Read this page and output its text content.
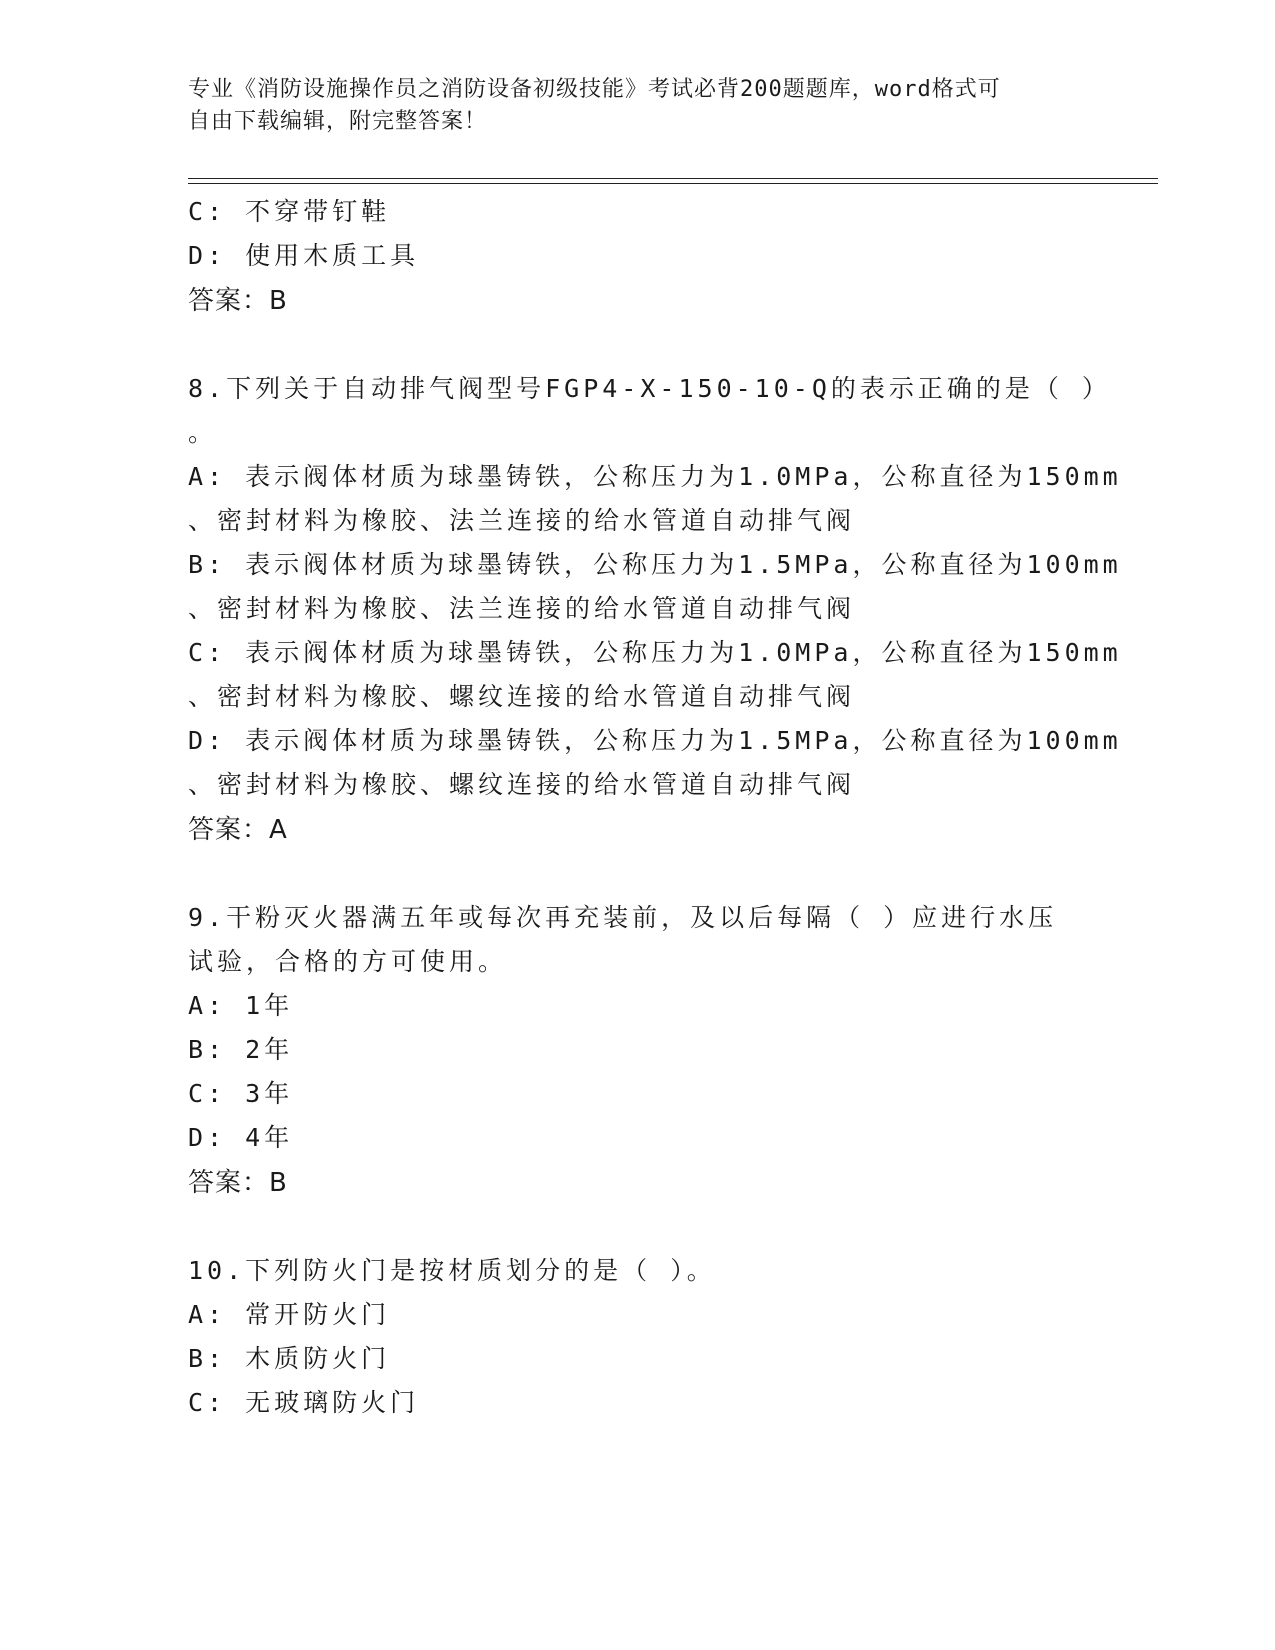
专业《消防设施操作员之消防设备初级技能》考试必背200题题库，word格式可
自由下载编辑，附完整答案！
C: 不穿带钉鞋
D: 使用木质工具
答案：B
8.下列关于自动排气阀型号FGP4-X-150-10-Q的表示正确的是（ ）
。
A: 表示阀体材质为球墨铸铁，公称压力为1.0MPa，公称直径为150mm
、密封材料为橡胶、法兰连接的给水管道自动排气阀
B: 表示阀体材质为球墨铸铁，公称压力为1.5MPa，公称直径为100mm
、密封材料为橡胶、法兰连接的给水管道自动排气阀
C: 表示阀体材质为球墨铸铁，公称压力为1.0MPa，公称直径为150mm
、密封材料为橡胶、螺纹连接的给水管道自动排气阀
D: 表示阀体材质为球墨铸铁，公称压力为1.5MPa，公称直径为100mm
、密封材料为橡胶、螺纹连接的给水管道自动排气阀
答案：A
9.干粉灭火器满五年或每次再充装前，及以后每隔（ ）应进行水压
试验，合格的方可使用。
A: 1年
B: 2年
C: 3年
D: 4年
答案：B
10.下列防火门是按材质划分的是（ ）。
A: 常开防火门
B: 木质防火门
C: 无玻璃防火门
